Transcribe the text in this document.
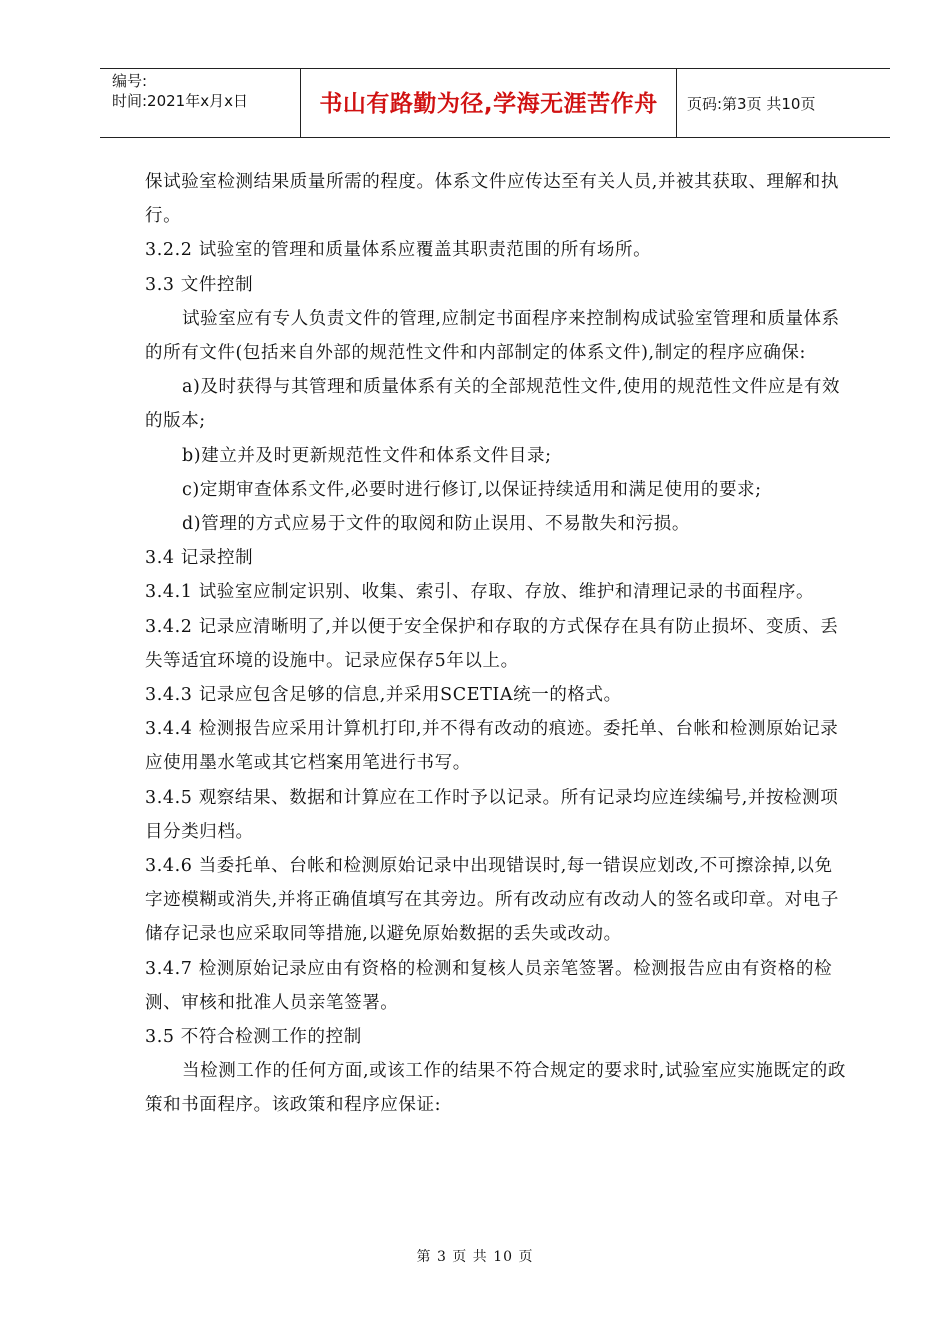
编号:
时间:2021年x月x日	书山有路勤为径,学海无涯苦作舟	页码:第3页 共10页

保试验室检测结果质量所需的程度。体系文件应传达至有关人员,并被其获取、理解和执行。

3.2.2 试验室的管理和质量体系应覆盖其职责范围的所有场所。

3.3 文件控制

试验室应有专人负责文件的管理,应制定书面程序来控制构成试验室管理和质量体系的所有文件(包括来自外部的规范性文件和内部制定的体系文件),制定的程序应确保:

a)及时获得与其管理和质量体系有关的全部规范性文件,使用的规范性文件应是有效的版本;

b)建立并及时更新规范性文件和体系文件目录;

c)定期审查体系文件,必要时进行修订,以保证持续适用和满足使用的要求;

d)管理的方式应易于文件的取阅和防止误用、不易散失和污损。

3.4 记录控制

3.4.1 试验室应制定识别、收集、索引、存取、存放、维护和清理记录的书面程序。

3.4.2 记录应清晰明了,并以便于安全保护和存取的方式保存在具有防止损坏、变质、丢失等适宜环境的设施中。记录应保存5年以上。

3.4.3 记录应包含足够的信息,并采用SCETIA统一的格式。

3.4.4 检测报告应采用计算机打印,并不得有改动的痕迹。委托单、台帐和检测原始记录应使用墨水笔或其它档案用笔进行书写。

3.4.5 观察结果、数据和计算应在工作时予以记录。所有记录均应连续编号,并按检测项目分类归档。

3.4.6 当委托单、台帐和检测原始记录中出现错误时,每一错误应划改,不可擦涂掉,以免字迹模糊或消失,并将正确值填写在其旁边。所有改动应有改动人的签名或印章。对电子储存记录也应采取同等措施,以避免原始数据的丢失或改动。

3.4.7 检测原始记录应由有资格的检测和复核人员亲笔签署。检测报告应由有资格的检测、审核和批准人员亲笔签署。

3.5 不符合检测工作的控制

当检测工作的任何方面,或该工作的结果不符合规定的要求时,试验室应实施既定的政策和书面程序。该政策和程序应保证:

第 3 页 共 10 页
